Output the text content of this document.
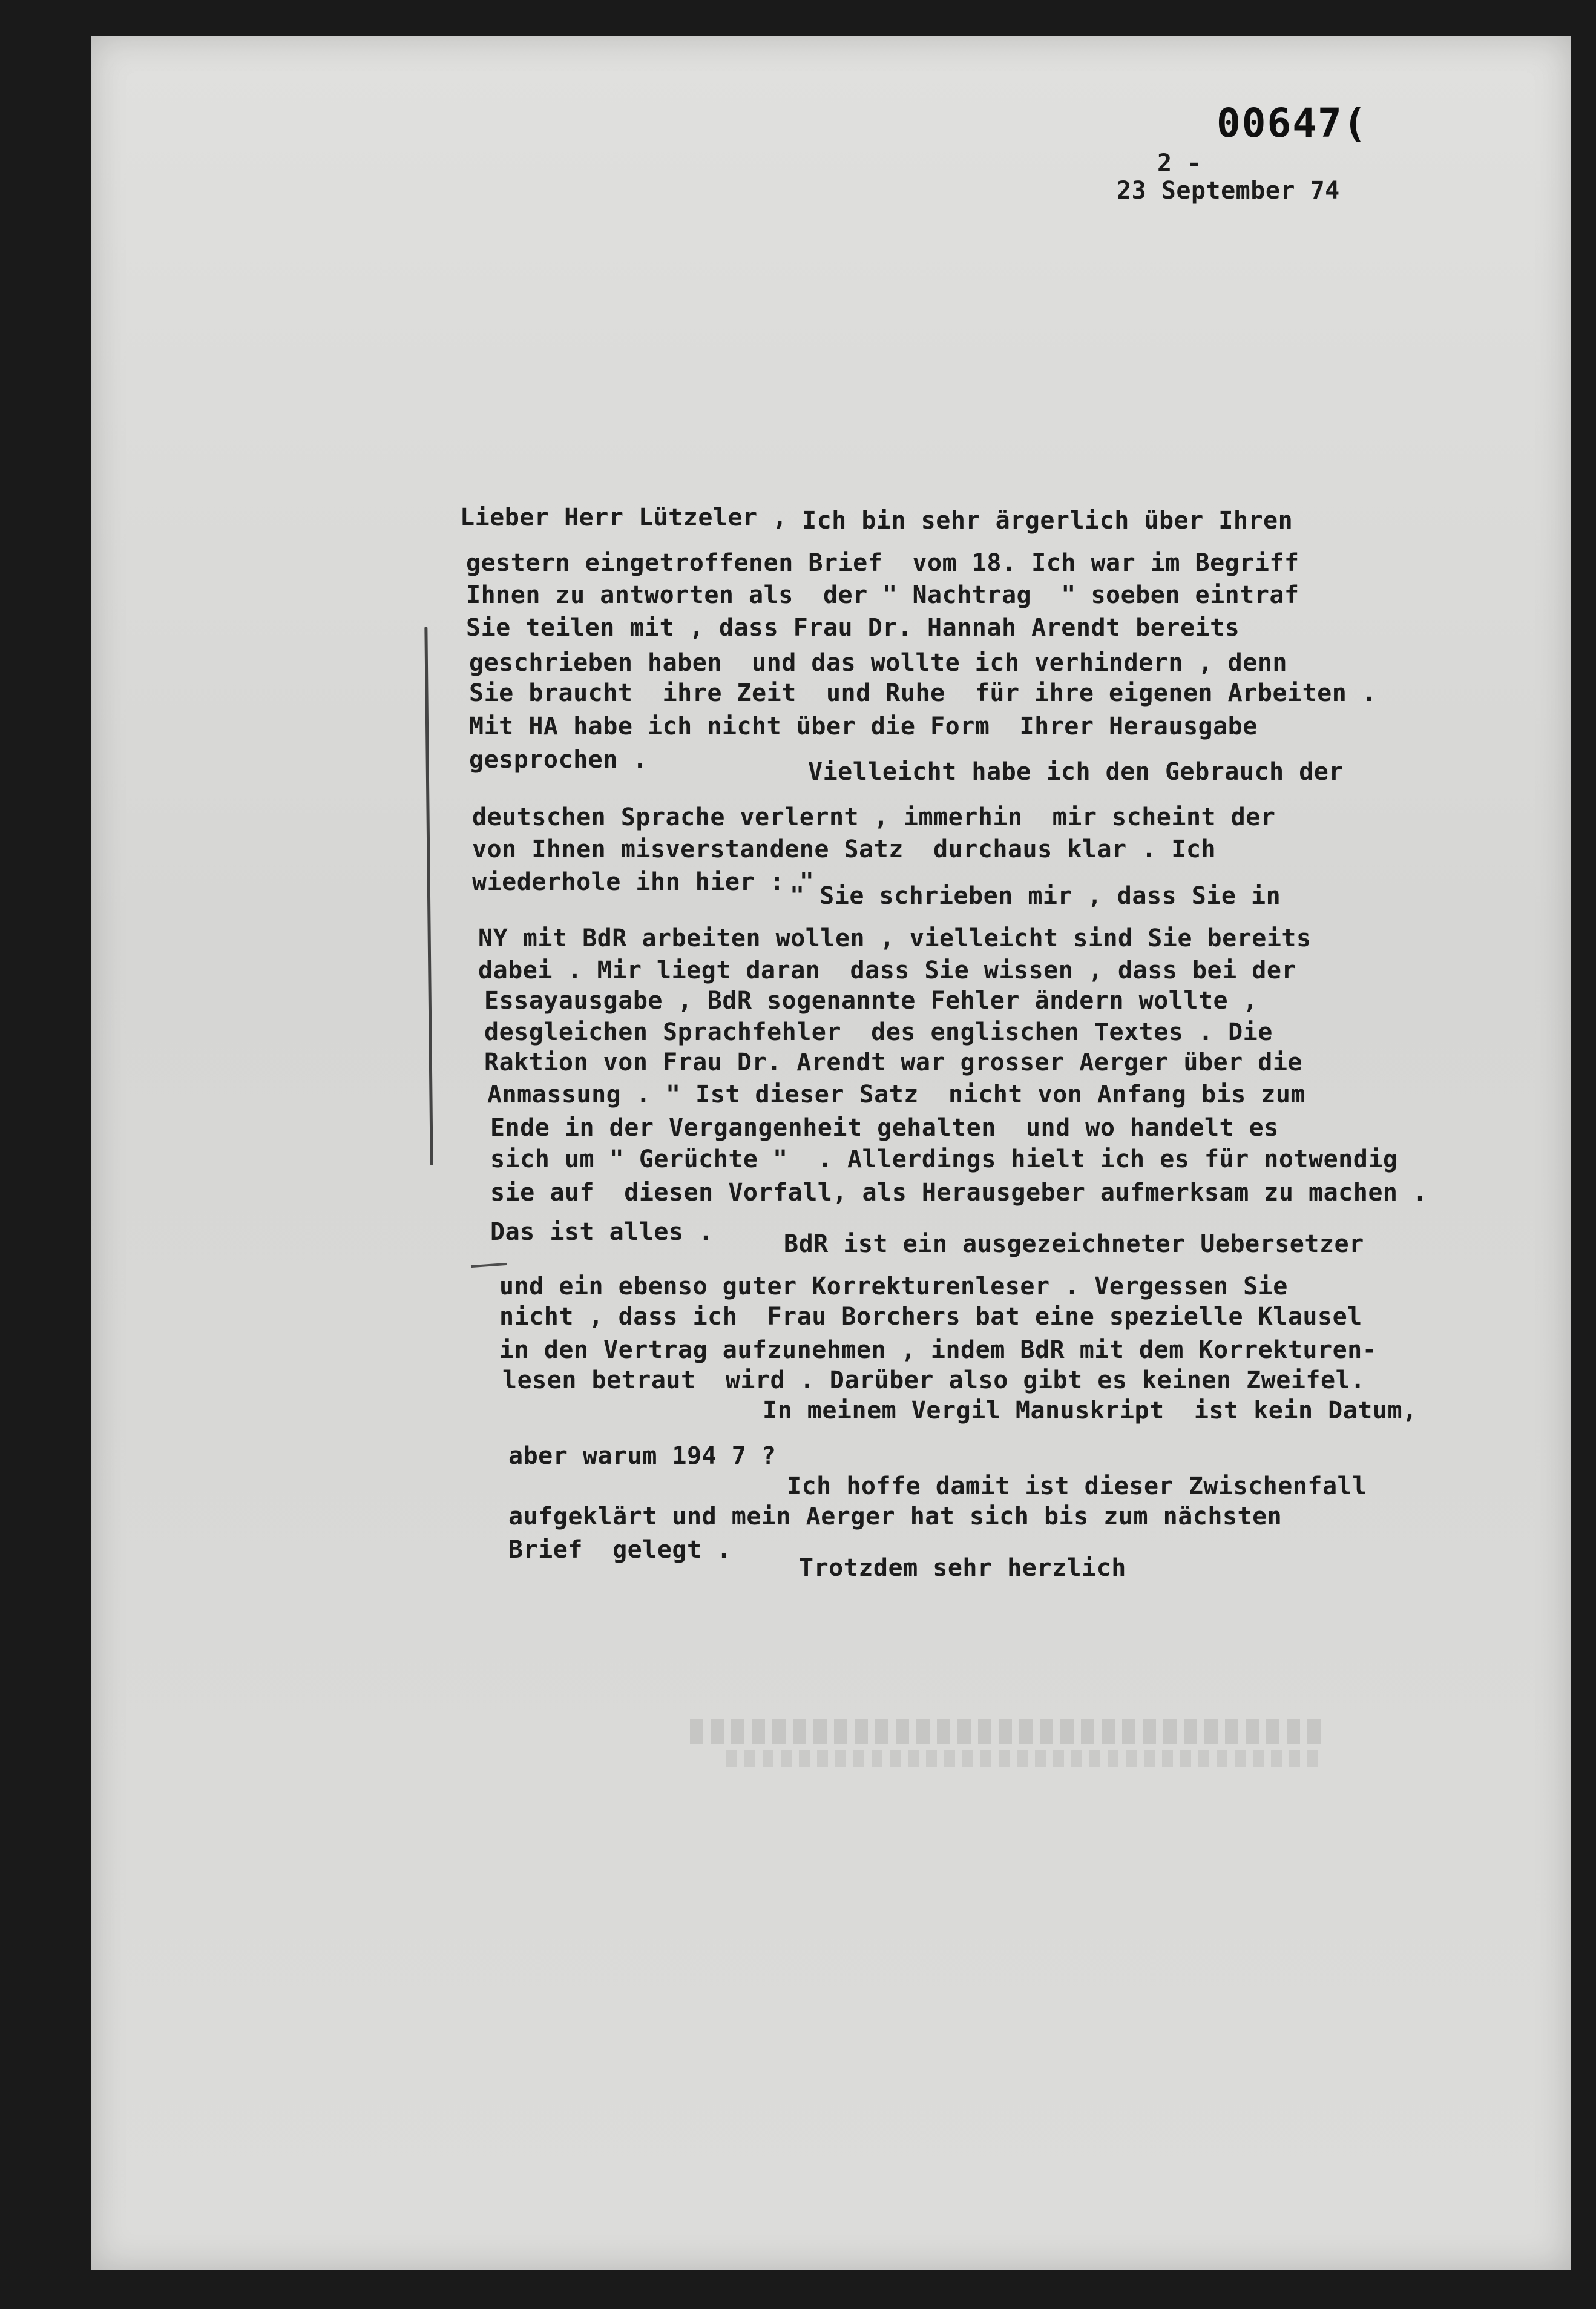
00647(
2 -
23 September 74
Lieber Herr Lützeler , Ich bin sehr ärgerlich über Ihren
gestern eingetroffenen Brief  vom 18. Ich war im Begriff
Ihnen zu antworten als  der " Nachtrag  " soeben eintraf
Sie teilen mit , dass Frau Dr. Hannah Arendt bereits
geschrieben haben  und das wollte ich verhindern , denn
Sie braucht  ihre Zeit  und Ruhe  für ihre eigenen Arbeiten .
Mit HA habe ich nicht über die Form  Ihrer Herausgabe
gesprochen .	Vielleicht habe ich den Gebrauch der
deutschen Sprache verlernt , immerhin  mir scheint der
von Ihnen misverstandene Satz  durchaus klar . Ich
wiederhole ihn hier : "
" Sie schrieben mir , dass Sie in
NY mit BdR arbeiten wollen , vielleicht sind Sie bereits
dabei . Mir liegt daran  dass Sie wissen , dass bei der
Essayausgabe , BdR sogenannte Fehler ändern wollte ,
desgleichen Sprachfehler  des englischen Textes . Die
Raktion von Frau Dr. Arendt war grosser Aerger über die
Anmassung . " Ist dieser Satz  nicht von Anfang bis zum
Ende in der Vergangenheit gehalten  und wo handelt es
sich um " Gerüchte "  . Allerdings hielt ich es für notwendig
sie auf  diesen Vorfall, als Herausgeber aufmerksam zu machen .
Das ist alles .	BdR ist ein ausgezeichneter Uebersetzer
und ein ebenso guter Korrekturenleser . Vergessen Sie
nicht , dass ich  Frau Borchers bat eine spezielle Klausel
in den Vertrag aufzunehmen , indem BdR mit dem Korrekturen-
lesen betraut  wird . Darüber also gibt es keinen Zweifel.
In meinem Vergil Manuskript  ist kein Datum,
aber warum 194 7 ?
Ich hoffe damit ist dieser Zwischenfall
aufgeklärt und mein Aerger hat sich bis zum nächsten
Brief  gelegt .
Trotzdem sehr herzlich
